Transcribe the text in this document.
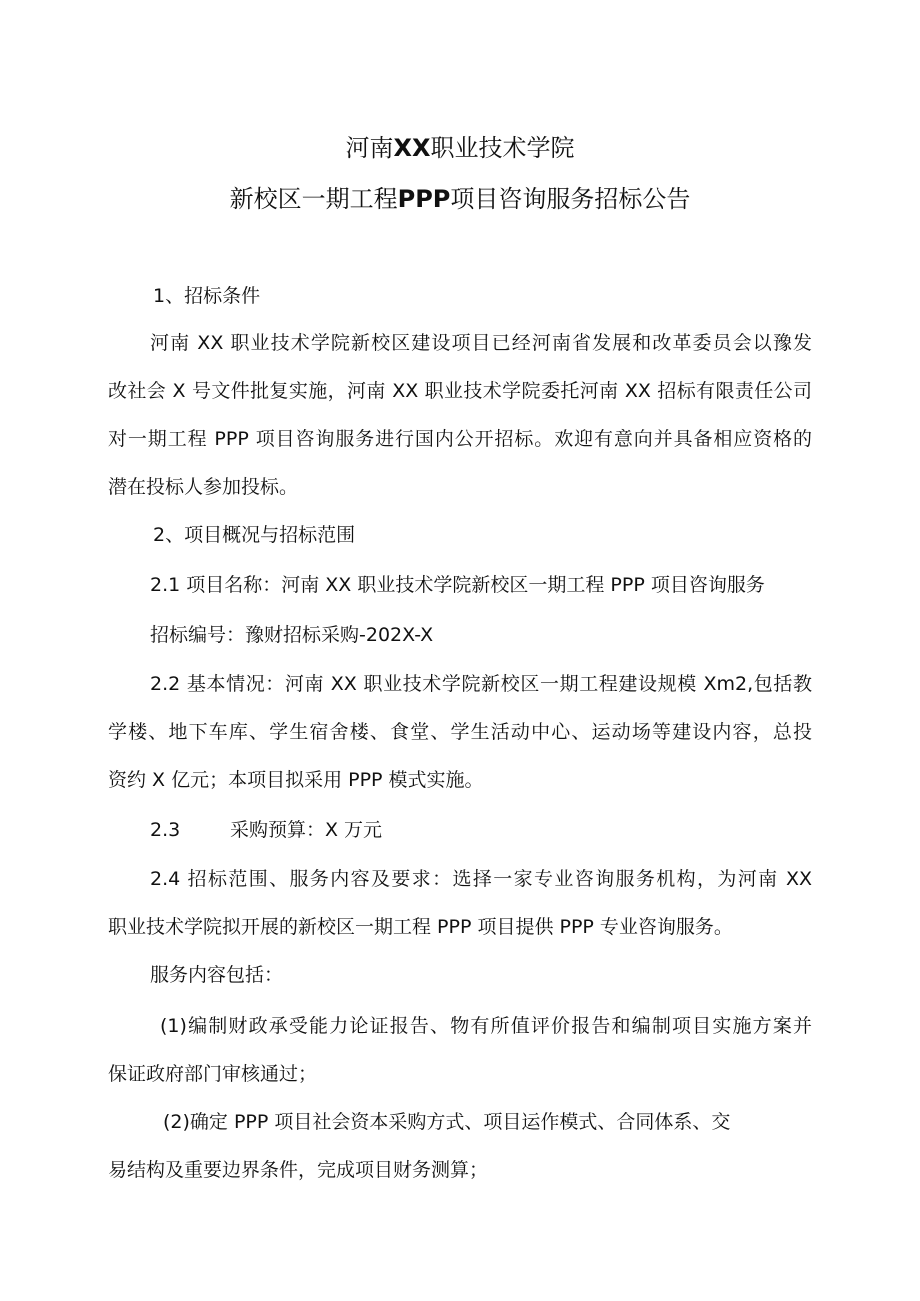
河南XX职业技术学院
新校区一期工程PPP项目咨询服务招标公告
1、招标条件
河南 XX 职业技术学院新校区建设项目已经河南省发展和改革委员会以豫发
改社会 X 号文件批复实施，河南 XX 职业技术学院委托河南 XX 招标有限责任公司
对一期工程 PPP 项目咨询服务进行国内公开招标。欢迎有意向并具备相应资格的
潜在投标人参加投标。
2、项目概况与招标范围
2.1 项目名称：河南 XX 职业技术学院新校区一期工程 PPP 项目咨询服务
招标编号：豫财招标采购-202X-X
2.2 基本情况：河南 XX 职业技术学院新校区一期工程建设规模 Xm2,包括教
学楼、地下车库、学生宿舍楼、食堂、学生活动中心、运动场等建设内容，总投
资约 X 亿元；本项目拟采用 PPP 模式实施。
2.3	采购预算：X 万元
2.4 招标范围、服务内容及要求：选择一家专业咨询服务机构，为河南 XX
职业技术学院拟开展的新校区一期工程 PPP 项目提供 PPP 专业咨询服务。
服务内容包括：
(1)编制财政承受能力论证报告、物有所值评价报告和编制项目实施方案并
保证政府部门审核通过；
(2)确定 PPP 项目社会资本采购方式、项目运作模式、合同体系、交
易结构及重要边界条件，完成项目财务测算；
